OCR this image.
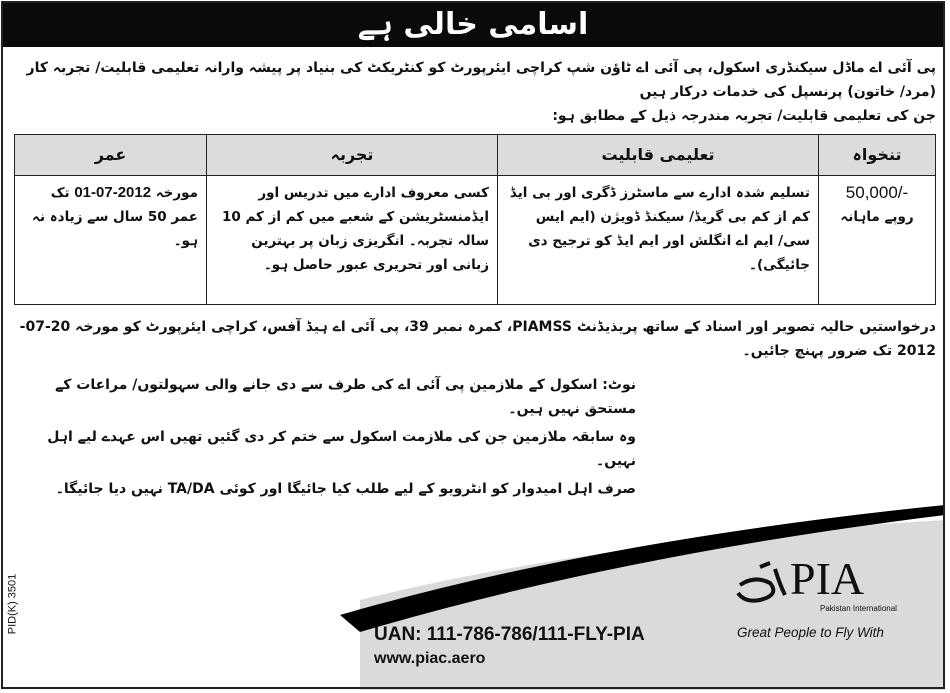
اسامی خالی ہے

پی آئی اے ماڈل سیکنڈری اسکول، پی آئی اے ٹاؤن شپ کراچی ایئرپورٹ کو کنٹریکٹ کی بنیاد پر پیشہ وارانہ تعلیمی قابلیت/ تجربہ کار (مرد/ خاتون) پرنسپل کی خدمات درکار ہیں

جن کی تعلیمی قابلیت/ تجربہ مندرجہ ذیل کے مطابق ہو:

تنخواہ	تعلیمی قابلیت	تجربہ	عمر

50,000/-
روپے ماہانہ	تسلیم شدہ ادارے سے ماسٹرز ڈگری اور بی ایڈ کم از کم بی گریڈ/ سیکنڈ ڈویژن (ایم ایس سی/ ایم اے انگلش اور ایم ایڈ کو ترجیح دی جائیگی)۔	کسی معروف ادارے میں تدریس اور ایڈمنسٹریشن کے شعبے میں کم از کم 10 سالہ تجربہ۔ انگریزی زبان پر بہترین زبانی اور تحریری عبور حاصل ہو۔	مورخہ 01-07-2012 تک عمر 50 سال سے زیادہ نہ ہو۔
درخواستیں حالیہ تصویر اور اسناد کے ساتھ پریذیڈنٹ PIAMSS، کمرہ نمبر 39، پی آئی اے ہیڈ آفس، کراچی ایئرپورٹ کو مورخہ 20-07-2012 تک ضرور پہنچ جائیں۔
نوٹ: اسکول کے ملازمین پی آئی اے کی طرف سے دی جانے والی سہولتوں/ مراعات کے مستحق نہیں ہیں۔
وہ سابقہ ملازمین جن کی ملازمت اسکول سے ختم کر دی گئیں تھیں اس عہدے لیے اہل نہیں۔
صرف اہل امیدوار کو انٹرویو کے لیے طلب کیا جائیگا اور کوئی TA/DA نہیں دیا جائیگا۔
PID(K) 3501
UAN: 111-786-786/111-FLY-PIA
www.piac.aero
PIA
Pakistan International
Great People to Fly With
